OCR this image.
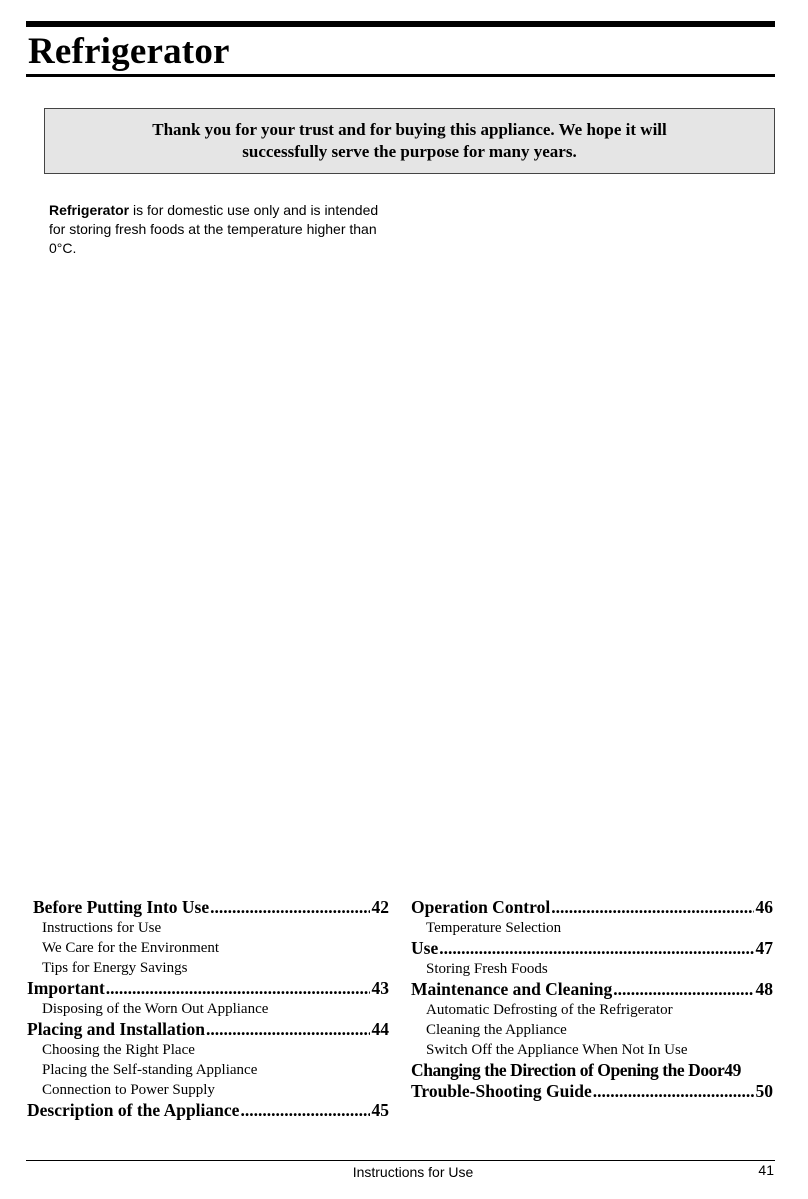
Refrigerator
Thank you for your trust and for buying this appliance. We hope it will successfully serve the purpose for many years.
Refrigerator is for domestic use only and is intended for storing fresh foods at the temperature higher than 0°C.
Before Putting Into Use .....	42
Instructions for Use
We Care for the Environment
Tips for Energy Savings
Important .....	43
Disposing of the Worn Out Appliance
Placing and Installation .....	44
Choosing the Right Place
Placing the Self-standing Appliance
Connection to Power Supply
Description of the Appliance .....	45
Operation Control .....	46
Temperature Selection
Use .....	47
Storing Fresh Foods
Maintenance and Cleaning .....	48
Automatic Defrosting of the Refrigerator
Cleaning the Appliance
Switch Off the Appliance When Not In Use
Changing the Direction of Opening the Door 49
Trouble-Shooting Guide .....	50
Instructions for Use	41
